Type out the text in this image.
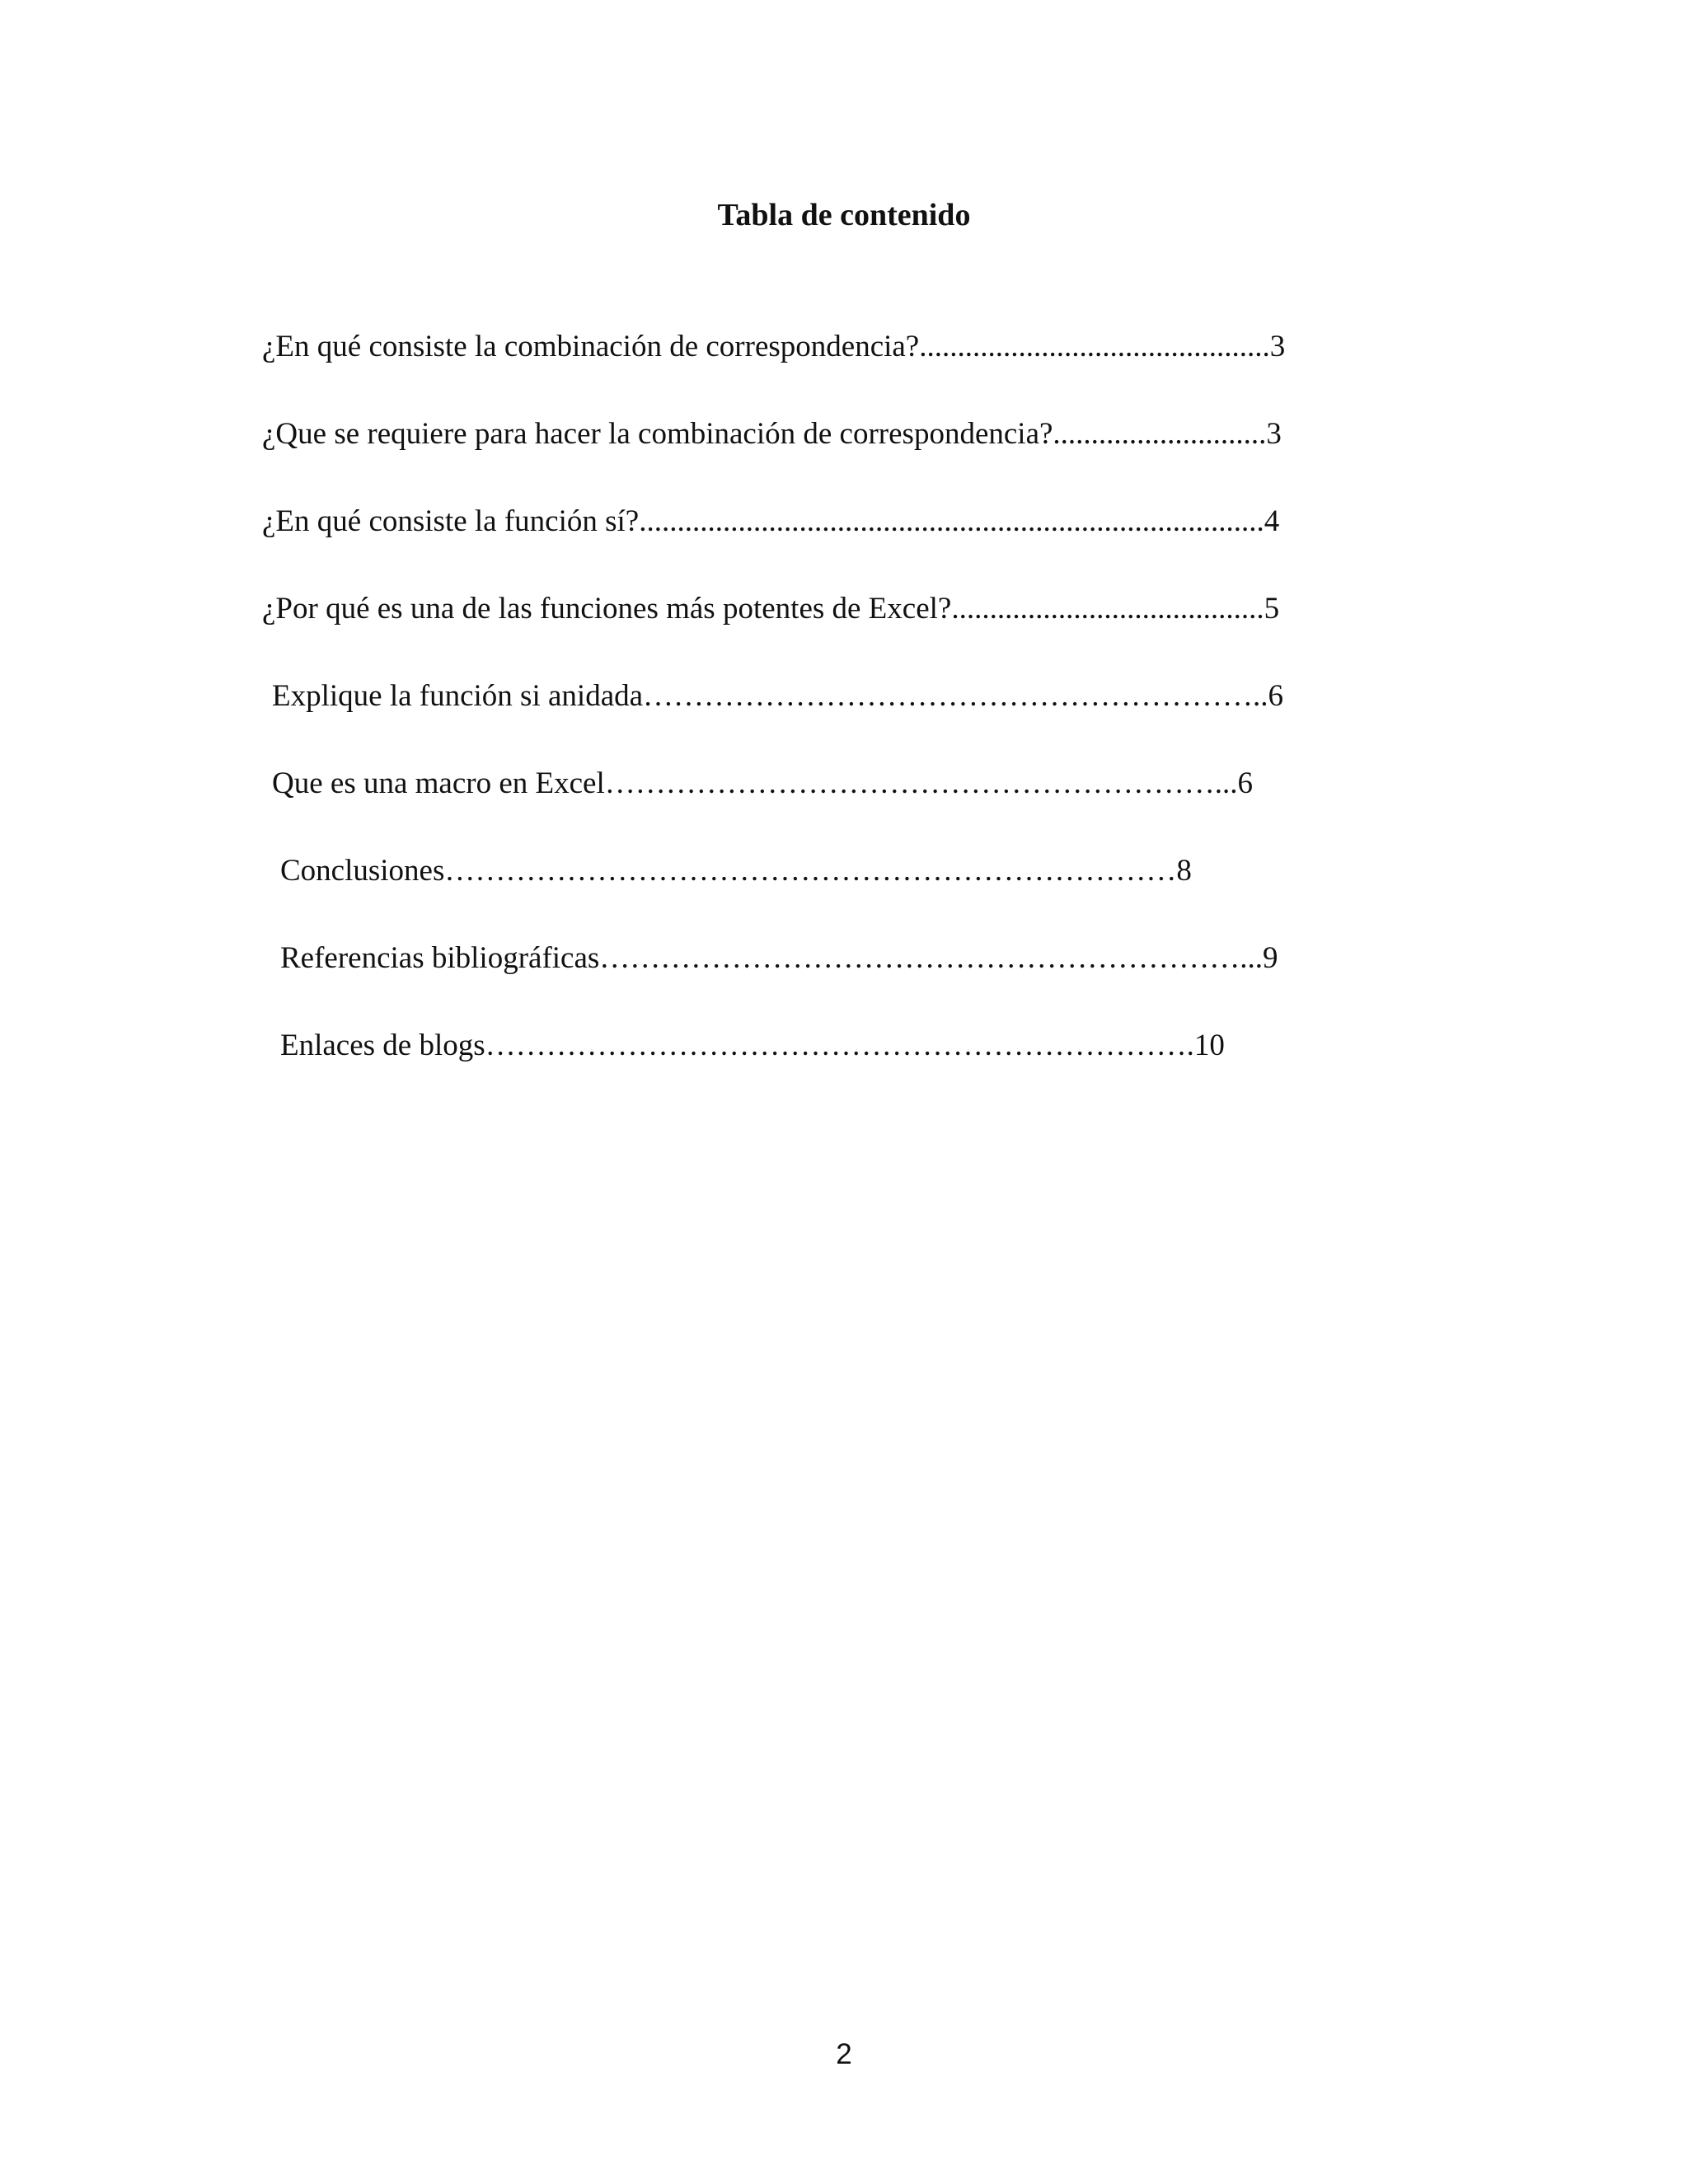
Tabla de contenido
¿En qué consiste la combinación de correspondencia?..............................................3
¿Que se requiere para hacer la combinación de correspondencia?............................3
¿En qué consiste la función sí?..................................................................................4
¿Por qué es una de las funciones más potentes de Excel?.........................................5
Explique la función si anidada……………………………………………………..6
Que es una macro en Excel……………………………………………………...6
Conclusiones………………………………………………………………8
Referencias bibliográficas………………………………………………………...9
Enlaces de blogs…………………………………………………………….10
2
